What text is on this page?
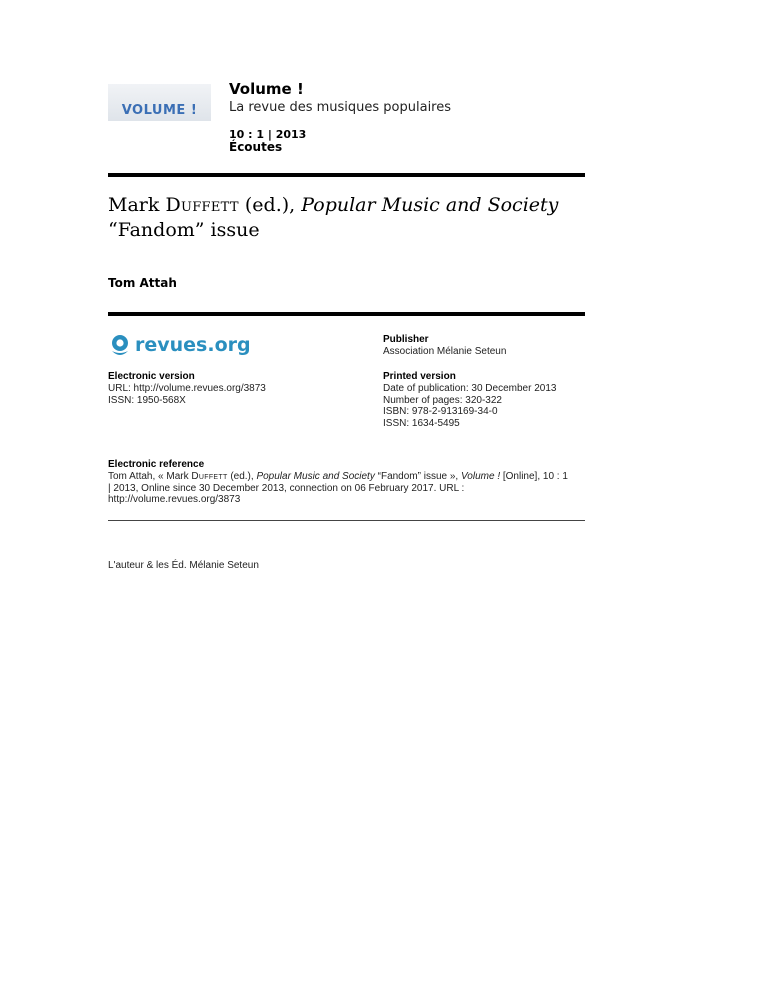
VOLUME !
Volume !
La revue des musiques populaires
10 : 1 | 2013
Écoutes
Mark Duffett (ed.), Popular Music and Society
“Fandom” issue
Tom Attah
revues.org	Publisher
Association Mélanie Seteun
Electronic version
URL: http://volume.revues.org/3873
ISSN: 1950-568X
Printed version
Date of publication: 30 December 2013
Number of pages: 320-322
ISBN: 978-2-913169-34-0
ISSN: 1634-5495
Electronic reference
Tom Attah, « Mark Duffett (ed.), Popular Music and Society “Fandom” issue », Volume ! [Online], 10 : 1 | 2013, Online since 30 December 2013, connection on 06 February 2017. URL : http://volume.revues.org/3873
L'auteur & les Éd. Mélanie Seteun
